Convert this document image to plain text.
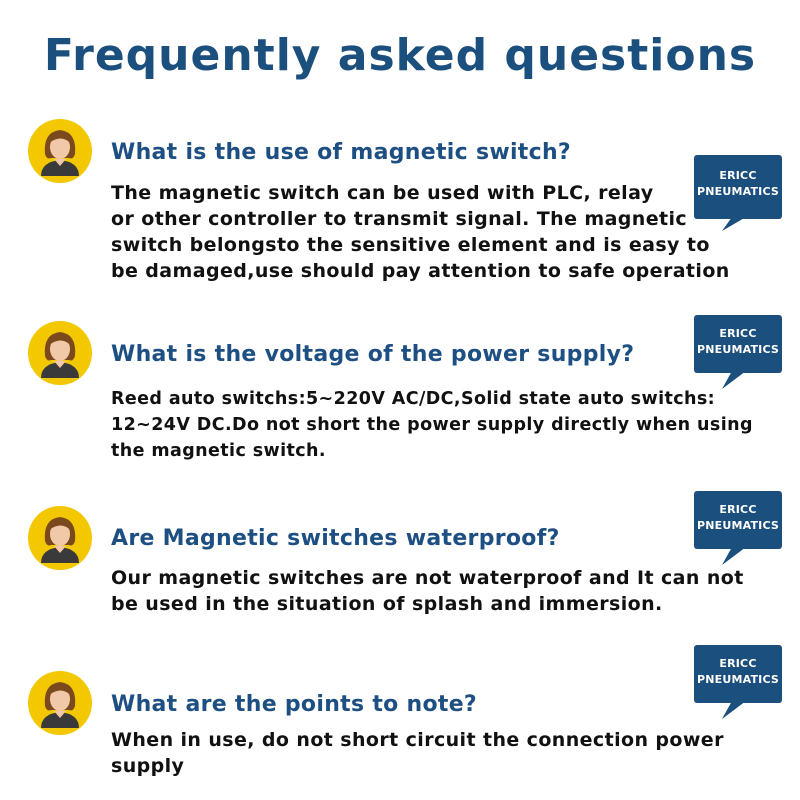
Frequently asked questions
What is the use of magnetic switch?
The magnetic switch can be used with PLC, relay
or other controller to transmit signal. The magnetic
switch belongsto the sensitive element and is easy to
be damaged,use should pay attention to safe operation
ERICC
PNEUMATICS
What is the voltage of the power supply?
Reed auto switchs:5~220V AC/DC,Solid state auto switchs:
12~24V DC.Do not short the power supply directly when using
the magnetic switch.
ERICC
PNEUMATICS
Are Magnetic switches waterproof?
Our magnetic switches are not waterproof and It can not
be used in the situation of splash and immersion.
ERICC
PNEUMATICS
What are the points to note?
When in use, do not short circuit the connection power
supply
ERICC
PNEUMATICS
